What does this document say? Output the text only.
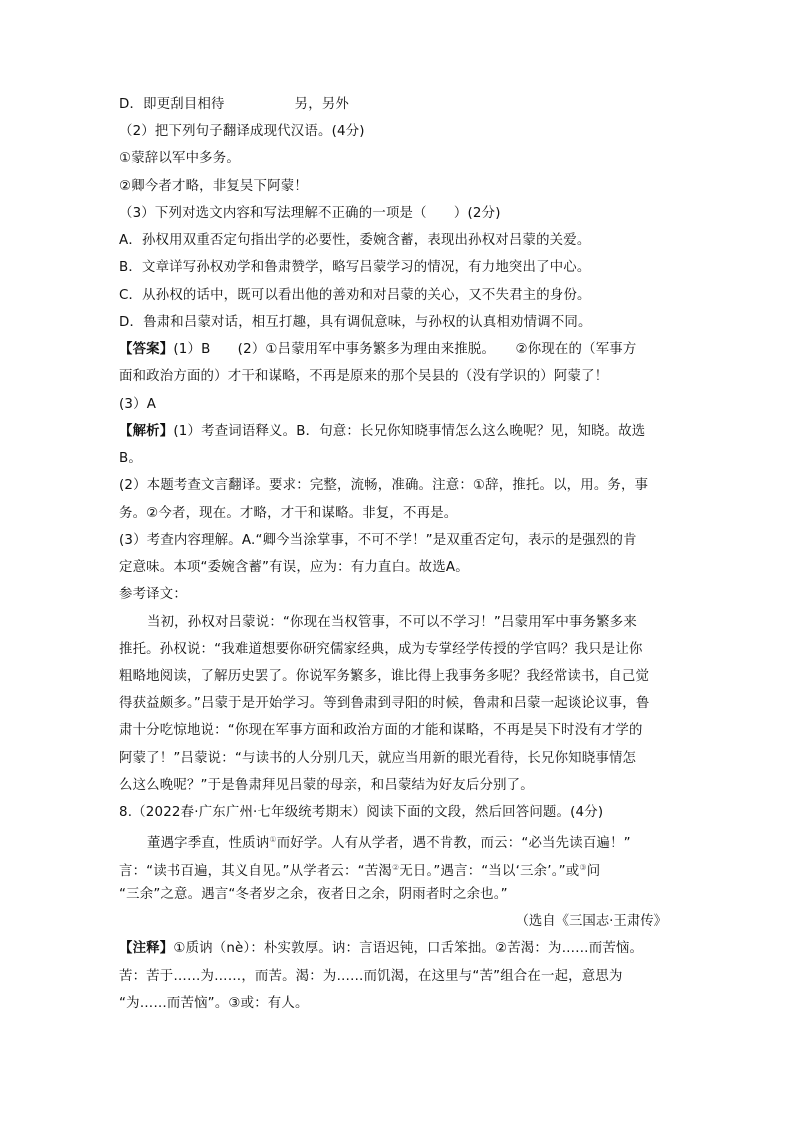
D．即更刮目相待	另，另外
（2）把下列句子翻译成现代汉语。(4分)
①蒙辞以军中多务。
②卿今者才略，非复吴下阿蒙！
（3）下列对选文内容和写法理解不正确的一项是（　　）(2分)
A．孙权用双重否定句指出学的必要性，委婉含蓄，表现出孙权对吕蒙的关爱。
B．文章详写孙权劝学和鲁肃赞学，略写吕蒙学习的情况，有力地突出了中心。
C．从孙权的话中，既可以看出他的善劝和对吕蒙的关心，又不失君主的身份。
D．鲁肃和吕蒙对话，相互打趣，具有调侃意味，与孙权的认真相劝情调不同。
【答案】(1）B　　(2）①吕蒙用军中事务繁多为理由来推脱。　　②你现在的（军事方
面和政治方面的）才干和谋略，不再是原来的那个吴县的（没有学识的）阿蒙了！
(3）A
【解析】(1）考查词语释义。B．句意：长兄你知晓事情怎么这么晚呢？见，知晓。故选
B。
(2）本题考查文言翻译。要求：完整，流畅，准确。注意：①辞，推托。以，用。务，事
务。②今者，现在。才略，才干和谋略。非复，不再是。
(3）考查内容理解。A.“卿今当涂掌事，不可不学！”是双重否定句，表示的是强烈的肯
定意味。本项“委婉含蓄”有误，应为：有力直白。故选A。
参考译文：
当初，孙权对吕蒙说：“你现在当权管事，不可以不学习！”吕蒙用军中事务繁多来
推托。孙权说：“我难道想要你研究儒家经典，成为专掌经学传授的学官吗？我只是让你
粗略地阅读，了解历史罢了。你说军务繁多，谁比得上我事务多呢？我经常读书，自己觉
得获益颇多。”吕蒙于是开始学习。等到鲁肃到寻阳的时候，鲁肃和吕蒙一起谈论议事，鲁
肃十分吃惊地说：“你现在军事方面和政治方面的才能和谋略，不再是吴下时没有才学的
阿蒙了！”吕蒙说：“与读书的人分别几天，就应当用新的眼光看待，长兄你知晓事情怎
么这么晚呢？”于是鲁肃拜见吕蒙的母亲，和吕蒙结为好友后分别了。
8.（2022春·广东广州·七年级统考期末）阅读下面的文段，然后回答问题。(4分)
董遇字季直，性质讷①而好学。人有从学者，遇不肯教，而云：“必当先读百遍！”
言：“读书百遍，其义自见。”从学者云：“苦渴②无日。”遇言：“当以‘三余’。”或③问
“三余”之意。遇言“冬者岁之余，夜者日之余，阴雨者时之余也。”
（选自《三国志·王肃传》
【注释】①质讷（nè）：朴实敦厚。讷：言语迟钝，口舌笨拙。②苦渴：为……而苦恼。
苦：苦于……为……，而苦。渴：为……而饥渴，在这里与“苦”组合在一起，意思为
“为……而苦恼”。③或：有人。
